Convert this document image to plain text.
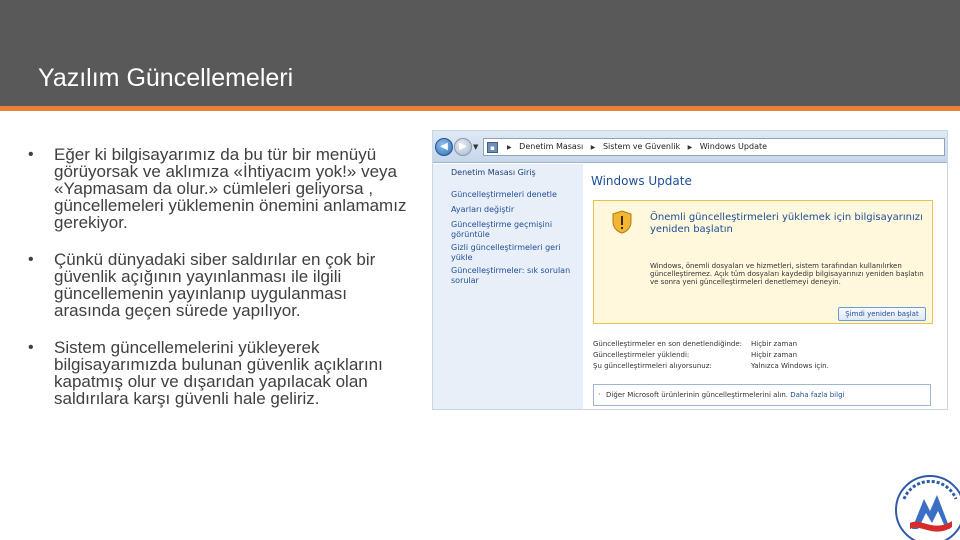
Yazılım Güncellemeleri
• Eğer ki bilgisayarımız da bu tür bir menüyü görüyorsak ve aklımıza «İhtiyacım yok!» veya «Yapmasam da olur.» cümleleri geliyorsa , güncellemeleri yüklemenin önemini anlamamız gerekiyor.
• Çünkü dünyadaki siber saldırılar en çok bir güvenlik açığının yayınlanması ile ilgili güncellemenin yayınlanıp uygulanması arasında geçen sürede yapılıyor.
• Sistem güncellemelerini yükleyerek bilgisayarımızda bulunan güvenlik açıklarını kapatmış olur ve dışarıdan yapılacak olan saldırılara karşı güvenli hale geliriz.
◀	▶ ▼	▪	▶ Denetim Masası ▶ Sistem ve Güvenlik ▶ Windows Update
Denetim Masası Giriş
Güncelleştirmeleri denetle
Ayarları değiştir
Güncelleştirme geçmişini görüntüle
Gizli güncelleştirmeleri geri yükle
Güncelleştirmeler: sık sorulan sorular
Windows Update
Önemli güncelleştirmeleri yüklemek için bilgisayarınızı yeniden başlatın
Windows, önemli dosyaları ve hizmetleri, sistem tarafından kullanılırken güncelleştiremez. Açık tüm dosyaları kaydedip bilgisayarınızı yeniden başlatın ve sonra yeni güncelleştirmeleri denetlemeyi deneyin.
Şimdi yeniden başlat
Güncelleştirmeler en son denetlendiğinde: Hiçbir zaman
Güncelleştirmeler yüklendi:	Hiçbir zaman
Şu güncelleştirmeleri alıyorsunuz:	Yalnızca Windows için.
· Diğer Microsoft ürünlerinin güncelleştirmelerini alın. Daha fazla bilgi
